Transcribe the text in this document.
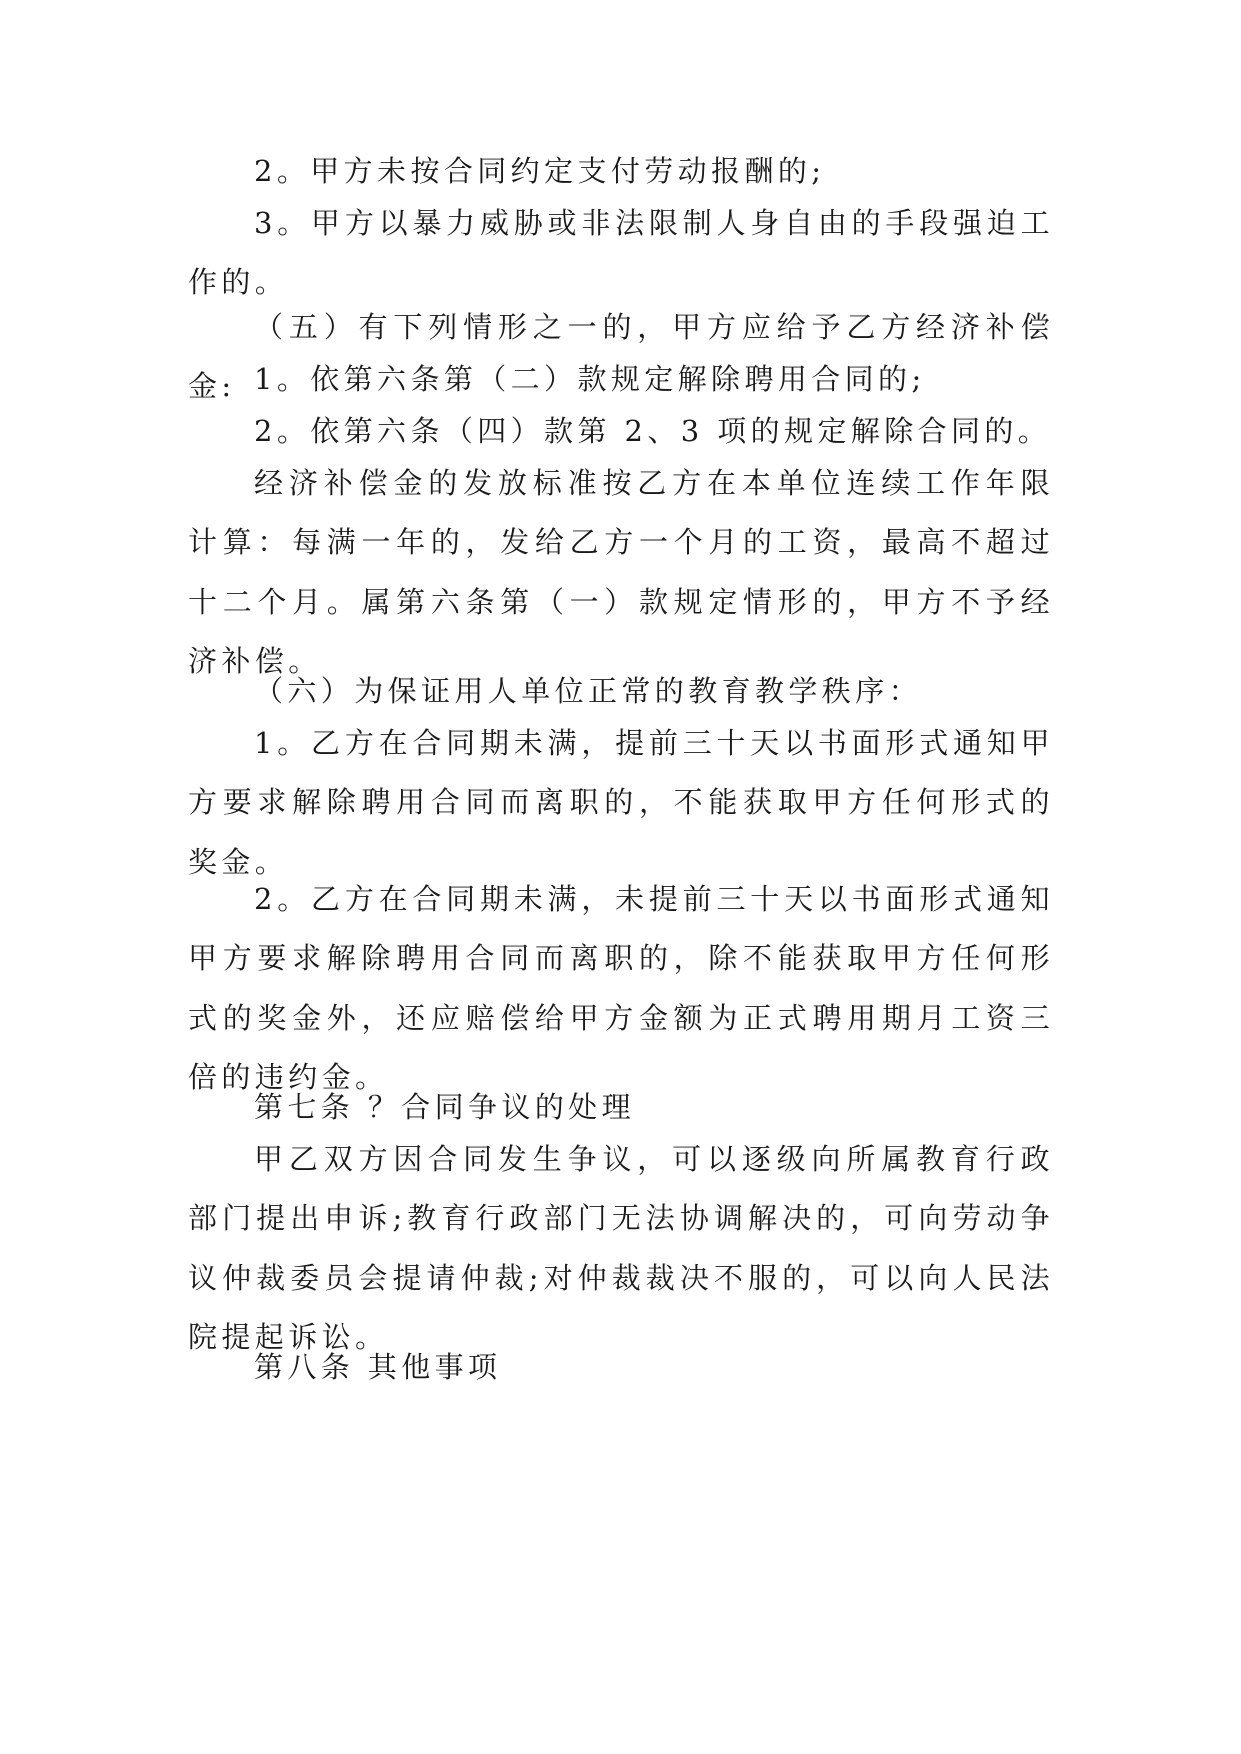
2。甲方未按合同约定支付劳动报酬的;

3。甲方以暴力威胁或非法限制人身自由的手段强迫工作的。

（五）有下列情形之一的，甲方应给予乙方经济补偿金: 1。依第六条第（二）款规定解除聘用合同的;

2。依第六条（四）款第 2、3 项的规定解除合同的。

经济补偿金的发放标准按乙方在本单位连续工作年限计算：每满一年的，发给乙方一个月的工资，最高不超过十二个月。属第六条第（一）款规定情形的，甲方不予经济补偿。

（六）为保证用人单位正常的教育教学秩序：

1。乙方在合同期未满，提前三十天以书面形式通知甲方要求解除聘用合同而离职的，不能获取甲方任何形式的奖金。

2。乙方在合同期未满，未提前三十天以书面形式通知甲方要求解除聘用合同而离职的，除不能获取甲方任何形式的奖金外，还应赔偿给甲方金额为正式聘用期月工资三倍的违约金。

第七条 ？合同争议的处理

甲乙双方因合同发生争议，可以逐级向所属教育行政部门提出申诉;教育行政部门无法协调解决的，可向劳动争议仲裁委员会提请仲裁;对仲裁裁决不服的，可以向人民法院提起诉讼。

第八条 其他事项
